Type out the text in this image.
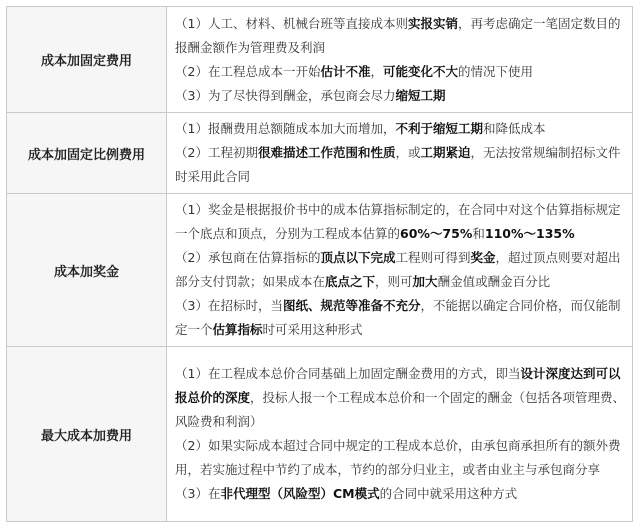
成本加固定费用	（1）人工、材料、机械台班等直接成本则实报实销，再考虑确定一笔固定数目的报酬金额作为管理费及利润
（2）在工程总成本一开始估计不准，可能变化不大的情况下使用
（3）为了尽快得到酬金，承包商会尽力缩短工期

成本加固定比例费用	（1）报酬费用总额随成本加大而增加，不利于缩短工期和降低成本
（2）工程初期很难描述工作范围和性质，或工期紧迫，无法按常规编制招标文件时采用此合同

成本加奖金	（1）奖金是根据报价书中的成本估算指标制定的，在合同中对这个估算指标规定一个底点和顶点，分别为工程成本估算的60%～75%和110%～135%
（2）承包商在估算指标的顶点以下完成工程则可得到奖金，超过顶点则要对超出部分支付罚款；如果成本在底点之下，则可加大酬金值或酬金百分比
（3）在招标时，当图纸、规范等准备不充分，不能据以确定合同价格，而仅能制定一个估算指标时可采用这种形式

最大成本加费用	（1）在工程成本总价合同基础上加固定酬金费用的方式，即当设计深度达到可以报总价的深度，投标人报一个工程成本总价和一个固定的酬金（包括各项管理费、风险费和利润）
（2）如果实际成本超过合同中规定的工程成本总价，由承包商承担所有的额外费用，若实施过程中节约了成本，节约的部分归业主，或者由业主与承包商分享
（3）在非代理型（风险型）CM模式的合同中就采用这种方式
